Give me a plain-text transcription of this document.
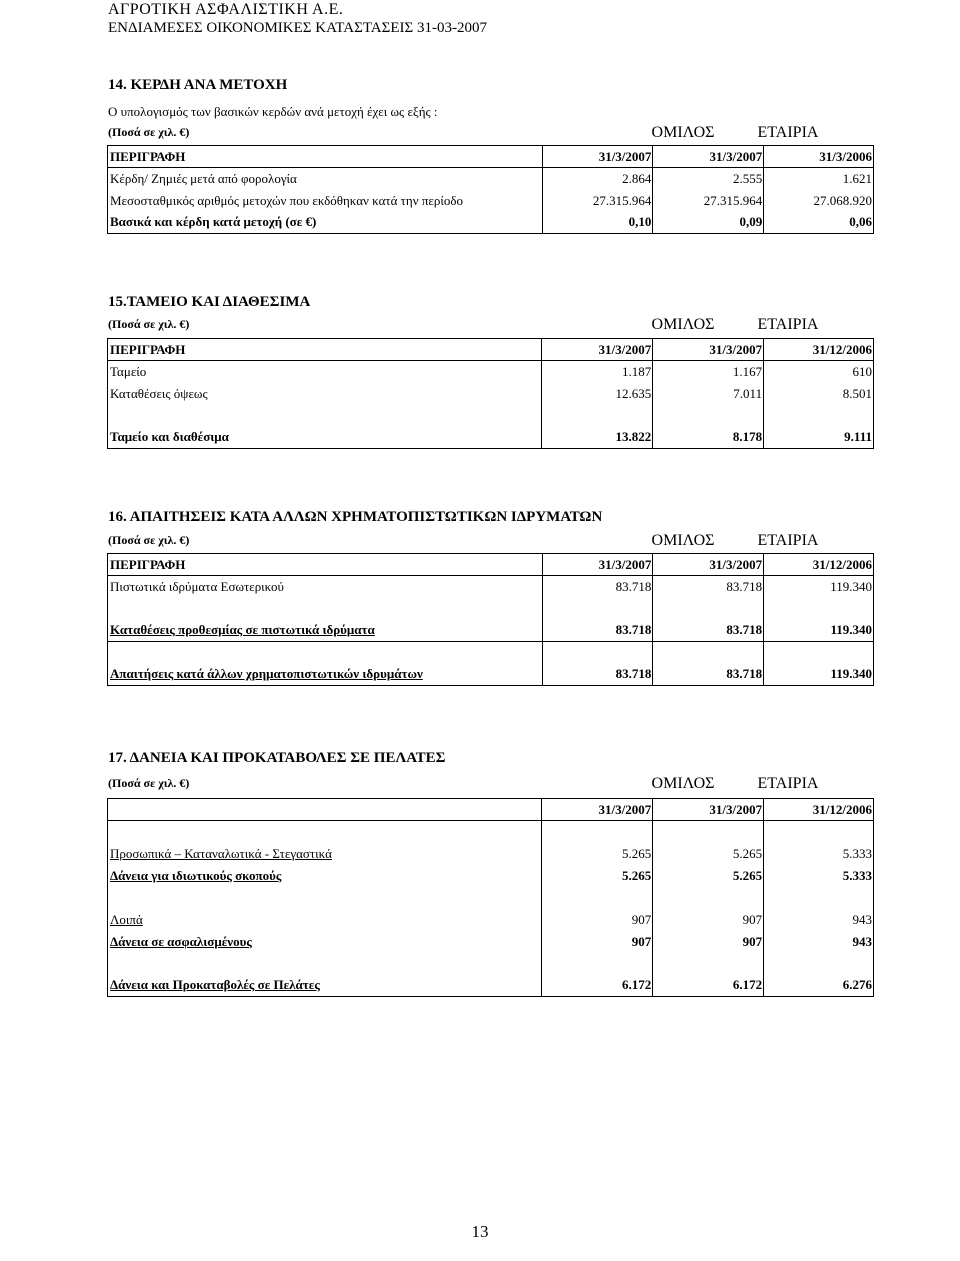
ΑΓΡΟΤΙΚΗ ΑΣΦΑΛΙΣΤΙΚΗ Α.Ε.
ΕΝΔΙΑΜΕΣΕΣ ΟΙΚΟΝΟΜΙΚΕΣ ΚΑΤΑΣΤΑΣΕΙΣ 31-03-2007
14. ΚΕΡΔΗ ΑΝΑ ΜΕΤΟΧΗ
Ο υπολογισμός των βασικών κερδών ανά μετοχή έχει ως εξής :
(Ποσά σε χιλ. €)	ΟΜΙΛΟΣ	ΕΤΑΙΡΙΑ
ΠΕΡΙΓΡΑΦΗ	31/3/2007	31/3/2007	31/3/2006
Κέρδη/ Ζημιές μετά από φορολογία	2.864	2.555	1.621
Μεσοσταθμικός αριθμός μετοχών που εκδόθηκαν κατά την περίοδο	27.315.964	27.315.964	27.068.920
Βασικά και κέρδη κατά μετοχή (σε €)	0,10	0,09	0,06
15.ΤΑΜΕΙΟ ΚΑΙ ΔΙΑΘΕΣΙΜΑ
(Ποσά σε χιλ. €)	ΟΜΙΛΟΣ	ΕΤΑΙΡΙΑ
ΠΕΡΙΓΡΑΦΗ	31/3/2007	31/3/2007	31/12/2006
Ταμείο	1.187	1.167	610
Καταθέσεις όψεως	12.635	7.011	8.501

Ταμείο και διαθέσιμα	13.822	8.178	9.111
16. ΑΠΑΙΤΗΣΕΙΣ ΚΑΤΑ ΑΛΛΩΝ ΧΡΗΜΑΤΟΠΙΣΤΩΤΙΚΩΝ ΙΔΡΥΜΑΤΩΝ
(Ποσά σε χιλ. €)	ΟΜΙΛΟΣ	ΕΤΑΙΡΙΑ
ΠΕΡΙΓΡΑΦΗ	31/3/2007	31/3/2007	31/12/2006
Πιστωτικά ιδρύματα Εσωτερικού	83.718	83.718	119.340

Καταθέσεις προθεσμίας σε πιστωτικά ιδρύματα	83.718	83.718	119.340

Απαιτήσεις κατά άλλων χρηματοπιστωτικών ιδρυμάτων	83.718	83.718	119.340
17. ΔΑΝΕΙΑ ΚΑΙ ΠΡΟΚΑΤΑΒΟΛΕΣ ΣΕ ΠΕΛΑΤΕΣ
(Ποσά σε χιλ. €)	ΟΜΙΛΟΣ	ΕΤΑΙΡΙΑ
	31/3/2007	31/3/2007	31/12/2006

Προσωπικά – Καταναλωτικά - Στεγαστικά	5.265	5.265	5.333
Δάνεια για ιδιωτικούς σκοπούς	5.265	5.265	5.333

Λοιπά	907	907	943
Δάνεια σε ασφαλισμένους	907	907	943

Δάνεια και Προκαταβολές σε Πελάτες	6.172	6.172	6.276
13
